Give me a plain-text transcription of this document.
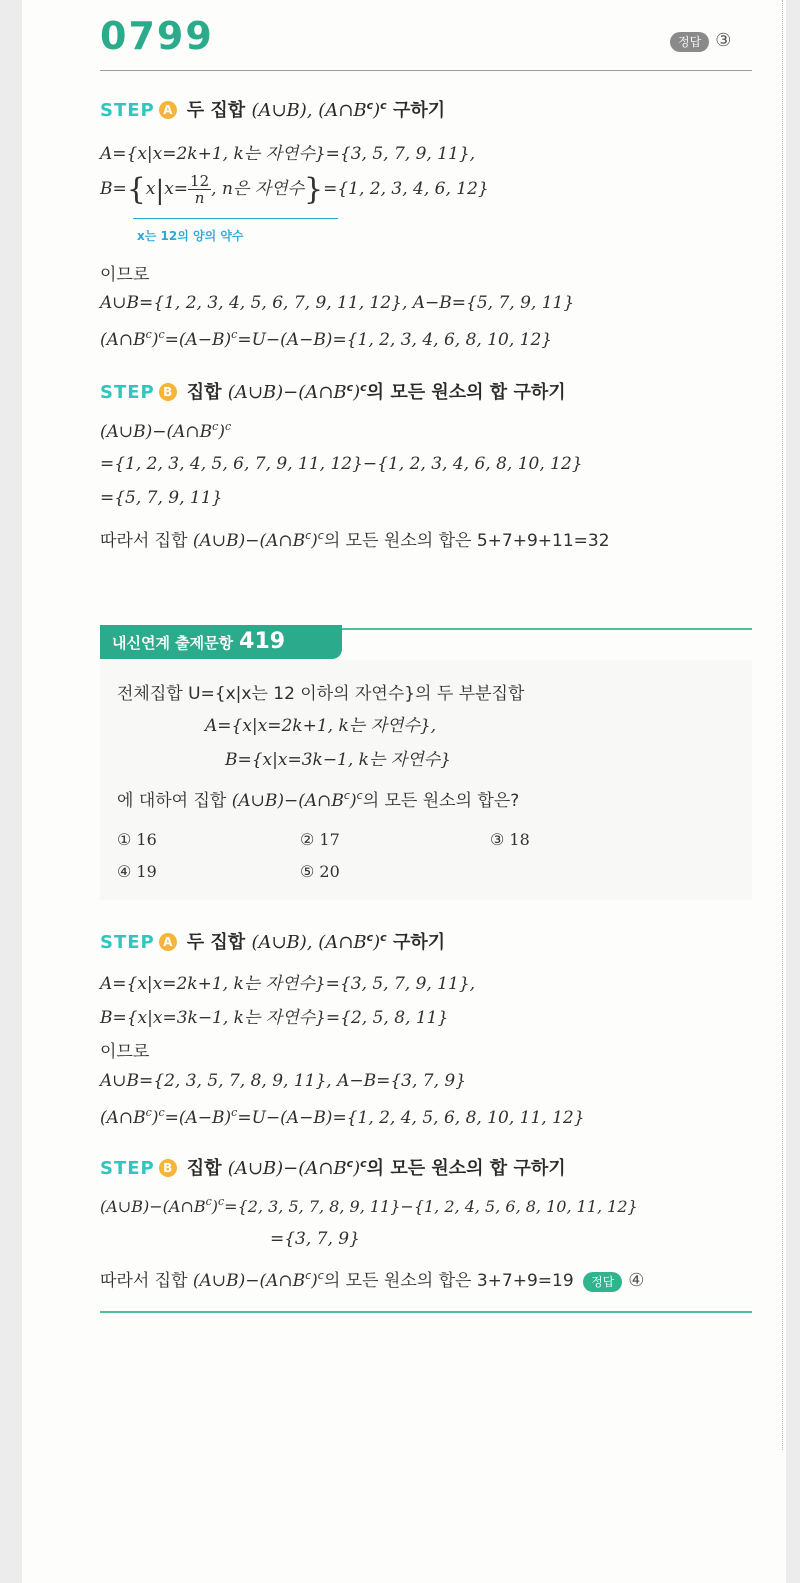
0799	정답 ③
STEP A 두 집합 (A∪B), $(A\cap B^c)^c$ 구하기
A={x|x=2k+1, k는 자연수}={3, 5, 7, 9, 11},
$B=\{x|x= \frac{12}{n}$ , n은 자연수}={1, 2, 3, 4, 6, 12}
x는 12의 양의 약수
이므로
A∪B={1, 2, 3, 4, 5, 6, 7, 9, 11, 12}, A−B={5, 7, 9, 11}
$(A\cap B^c)^c=(A-B)^c=U-(A-B)=\{1$, 2, 3, 4, 6, 8, 10, 12}
STEP B 집합 $(A\cup B)-(A\cap B^c)^c$의 모든 원소의 합 구하기
$(A\cup B)-(A\cap B^c)^c$
={1, 2, 3, 4, 5, 6, 7, 9, 11, 12}−{1, 2, 3, 4, 6, 8, 10, 12}
={5, 7, 9, 11}
따라서 집합 $(A\cup B)-(A\cap B^c)^c$의 모든 원소의 합은 5+7+9+11=32
내신연계 출제문항 419
전체집합 U={x|x는 12 이하의 자연수}의 두 부분집합
A={x|x=2k+1, k는 자연수},
B={x|x=3k−1, k는 자연수}
에 대하여 집합 $(A\cup B)-(A\cap B^c)^c$의 모든 원소의 합은?
① 16	② 17	③ 18
④ 19	⑤ 20
STEP A 두 집합 (A∪B), $(A\cap B^c)^c$ 구하기
A={x|x=2k+1, k는 자연수}={3, 5, 7, 9, 11},
B={x|x=3k−1, k는 자연수}={2, 5, 8, 11}
이므로
A∪B={2, 3, 5, 7, 8, 9, 11}, A−B={3, 7, 9}
$(A\cap B^c)^c=(A-B)^c=U-(A-B)=\{1$, 2, 4, 5, 6, 8, 10, 11, 12}
STEP B 집합 $(A\cup B)-(A\cap B^c)^c$의 모든 원소의 합 구하기
$(A\cup B)-(A\cap B^c)^c=\{2$, 3, 5, 7, 8, 9, 11}−{1, 2, 4, 5, 6, 8, 10, 11, 12}
={3, 7, 9}
따라서 집합 $(A\cup B)-(A\cap B^c)^c$의 모든 원소의 합은 3+7+9=19 정답 ④
